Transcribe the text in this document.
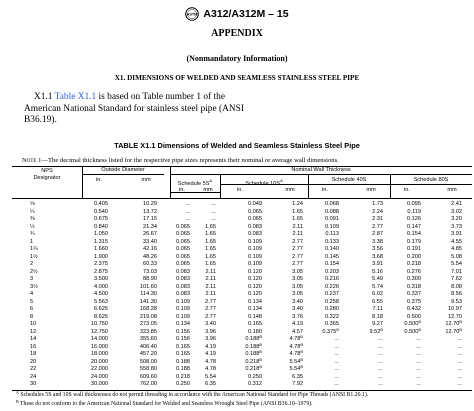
ASTM A312/A312M – 15
APPENDIX
(Nonmandatory Information)
X1. DIMENSIONS OF WELDED AND SEAMLESS STAINLESS STEEL PIPE
X1.1 Table X1.1 is based on Table number 1 of the
American National Standard for stainless steel pipe (ANSI
B36.19).
TABLE X1.1 Dimensions of Welded and Seamless Stainless Steel Pipe
Note 1—The decimal thickness listed for the respective pipe sizes represents their nominal or average wall dimensions.
NPS
Designator
Outside Diameter	Nominal Wall Thickness
Schedule $5S^A$
Schedule $10S^A$	Schedule 40S	Schedule 80S
in.	mm
in.	mm	in.	mm	in.	mm	in.	mm
⅛	0.405	10.29	...	...	0.049	1.24	0.068	1.73	0.095	2.41
¼	0.540	13.72	...	...	0.065	1.65	0.088	2.24	0.119	3.02
⅜	0.675	17.15	...	...	0.065	1.65	0.091	2.31	0.126	3.20
½	0.840	21.34	0.065	1.65	0.083	2.11	0.109	2.77	0.147	3.73
¾	1.050	26.67	0.065	1.65	0.083	2.11	0.113	2.87	0.154	3.91
1	1.315	33.40	0.065	1.65	0.109	2.77	0.133	3.38	0.179	4.55
1¼	1.660	42.16	0.065	1.65	0.109	2.77	0.140	3.56	0.191	4.85
1½	1.900	48.26	0.065	1.65	0.109	2.77	0.145	3.68	0.200	5.08
2	2.375	60.33	0.065	1.65	0.109	2.77	0.154	3.91	0.218	5.54
2½	2.875	73.03	0.083	2.11	0.120	3.05	0.203	5.16	0.276	7.01
3	3.500	88.90	0.083	2.11	0.120	3.05	0.216	5.49	0.300	7.62
3½	4.000	101.60	0.083	2.11	0.120	3.05	0.226	5.74	0.318	8.08
4	4.500	114.30	0.083	2.11	0.120	3.05	0.237	6.02	0.337	8.56
5	5.563	141.30	0.109	2.77	0.134	3.40	0.258	6.55	0.375	9.53
6	6.625	168.28	0.109	2.77	0.134	3.40	0.280	7.11	0.432	10.97
8	8.625	219.08	0.109	2.77	0.148	3.76	0.322	8.18	0.500	12.70
10	10.750	273.05	0.134	3.40	0.165	4.19	0.365	9.27	$0.500^B$	$12.70^B$
12	12.750	323.85	0.156	3.96	0.180	4.57	$0.375^B$	$9.52^B$	$0.500^B$	$12.70^B$
14	14.000	355.60	0.156	3.96	$0.188^B$	$4.78^B$	...	...	...	...
16	16.000	406.40	0.165	4.19	$0.188^B$	$4.78^B$	...	...	...	...
18	18.000	457.20	0.165	4.19	$0.188^B$	$4.78^B$	...	...	...	...
20	20.000	508.00	0.188	4.78	$0.218^B$	$5.54^B$	...	...	...	...
22	22.000	558.80	0.188	4.78	$0.218^B$	$5.54^B$	...	...	...	...
24	24.000	609.60	0.218	5.54	0.250	6.35	...	...	...	...
30	30.000	762.00	0.250	6.35	0.312	7.92	...	...	...	...
$^A$ Schedules 5S and 10S wall thicknesses do not permit threading in accordance with the American National Standard for Pipe Threads (ANSI B1.20.1).
$^B$ These do not conform to the American National Standard for Welded and Seamless Wrought Steel Pipe (ANSI B36.10–1979).
